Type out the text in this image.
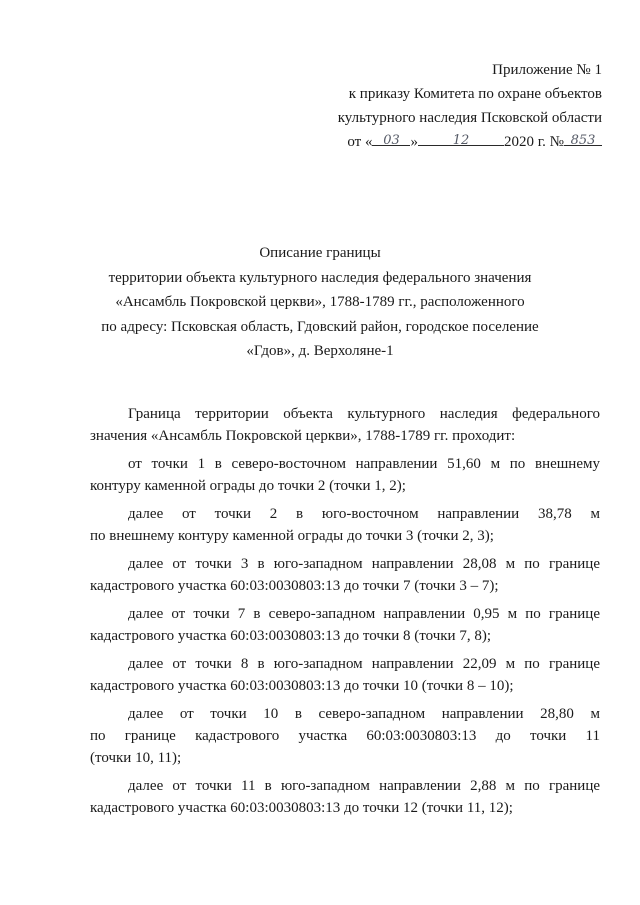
Приложение № 1
к приказу Комитета по охране объектов
культурного наследия Псковской области
от « 03 »	12 2020 г. № 853
Описание границы
территории объекта культурного наследия федерального значения
«Ансамбль Покровской церкви», 1788-1789 гг., расположенного
по адресу: Псковская область, Гдовский район, городское поселение
«Гдов», д. Верхоляне-1
Граница территории объекта культурного наследия федерального
значения «Ансамбль Покровской церкви», 1788-1789 гг. проходит:
от точки 1 в северо-восточном направлении 51,60 м по внешнему
контуру каменной ограды до точки 2 (точки 1, 2);
далее от точки 2 в юго-восточном направлении 38,78 м
по внешнему контуру каменной ограды до точки 3 (точки 2, 3);
далее от точки 3 в юго-западном направлении 28,08 м по границе
кадастрового участка 60:03:0030803:13 до точки 7 (точки 3 – 7);
далее от точки 7 в северо-западном направлении 0,95 м по границе
кадастрового участка 60:03:0030803:13 до точки 8 (точки 7, 8);
далее от точки 8 в юго-западном направлении 22,09 м по границе
кадастрового участка 60:03:0030803:13 до точки 10 (точки 8 – 10);
далее от точки 10 в северо-западном направлении 28,80 м
по границе кадастрового участка 60:03:0030803:13 до точки 11
(точки 10, 11);
далее от точки 11 в юго-западном направлении 2,88 м по границе
кадастрового участка 60:03:0030803:13 до точки 12 (точки 11, 12);
